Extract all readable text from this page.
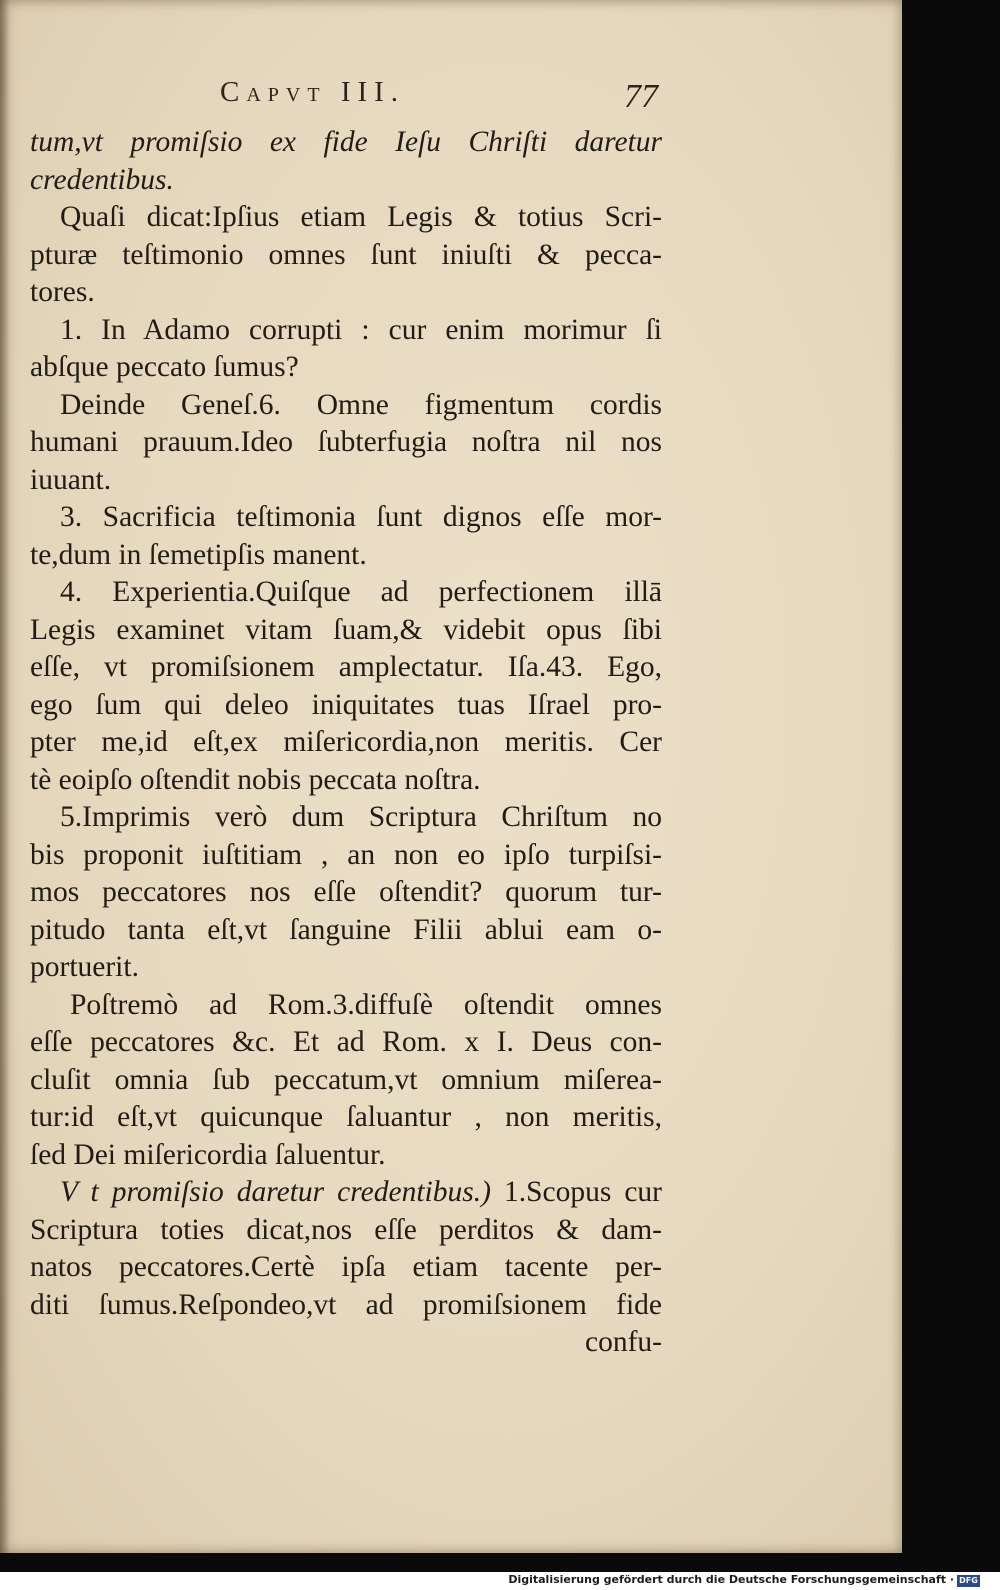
Capvt III.	77
tum,vt promiſsio ex fide Ieſu Chriſti daretur
credentibus.
Quaſi dicat:Ipſius etiam Legis & totius Scri-
pturæ teſtimonio omnes ſunt iniuſti & pecca-
tores.
1. In Adamo corrupti : cur enim morimur ſi
abſque peccato ſumus?
Deinde Geneſ.6. Omne figmentum cordis
humani prauum.Ideo ſubterfugia noſtra nil nos
iuuant.
3. Sacrificia teſtimonia ſunt dignos eſſe mor-
te,dum in ſemetipſis manent.
4. Experientia.Quiſque ad perfectionem illā
Legis examinet vitam ſuam,& videbit opus ſibi
eſſe, vt promiſsionem amplectatur. Iſa.43. Ego,
ego ſum qui deleo iniquitates tuas Iſrael pro-
pter me,id eſt,ex miſericordia,non meritis. Cer
tè eoipſo oſtendit nobis peccata noſtra.
5.Imprimis verò dum Scriptura Chriſtum no
bis proponit iuſtitiam , an non eo ipſo turpiſsi-
mos peccatores nos eſſe oſtendit? quorum tur-
pitudo tanta eſt,vt ſanguine Filii ablui eam o-
portuerit.
Poſtremò ad Rom.3.diffuſè oſtendit omnes
eſſe peccatores &c. Et ad Rom. x I. Deus con-
cluſit omnia ſub peccatum,vt omnium miſerea-
tur:id eſt,vt quicunque ſaluantur , non meritis,
ſed Dei miſericordia ſaluentur.
V t promiſsio daretur credentibus.) 1.Scopus cur
Scriptura toties dicat,nos eſſe perditos & dam-
natos peccatores.Certè ipſa etiam tacente per-
diti ſumus.Reſpondeo,vt ad promiſsionem fide
confu-
Digitalisierung gefördert durch die Deutsche Forschungsgemeinschaft · DFG
